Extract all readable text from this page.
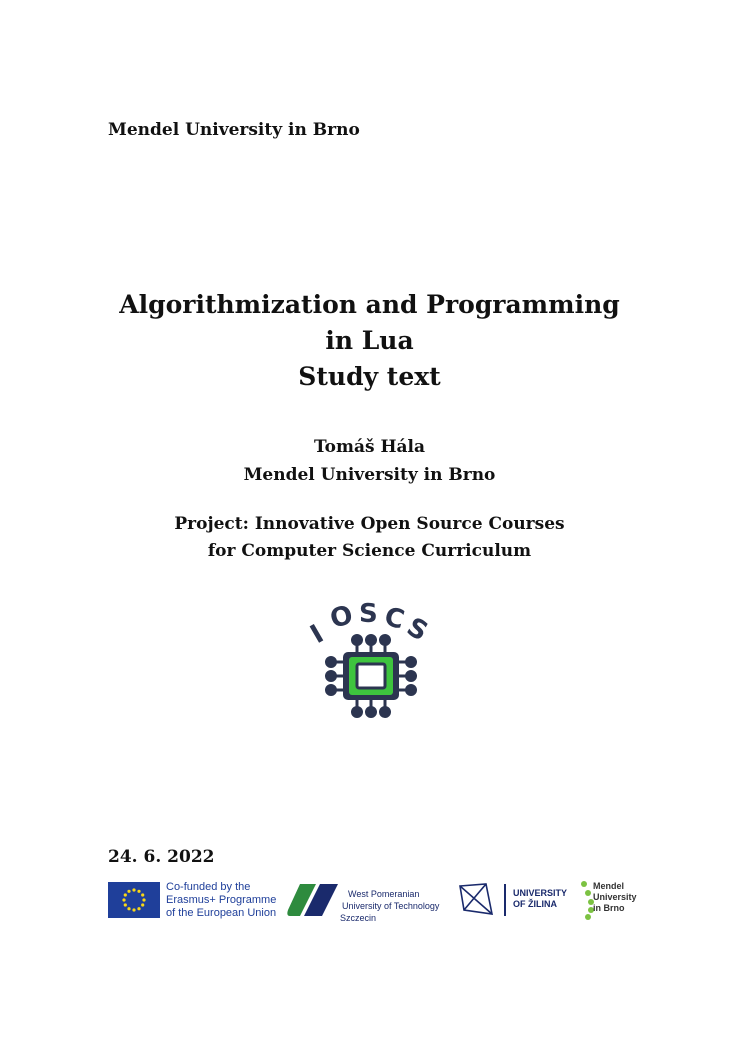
Mendel University in Brno
Algorithmization and Programming
in Lua
Study text
Tomáš Hála
Mendel University in Brno
Project: Innovative Open Source Courses
for Computer Science Curriculum
I
O S C
S
24. 6. 2022
Co-funded by the
Erasmus+ Programme
of the European Union
West Pomeranian
University of Technology
Szczecin
UNIVERSITY
OF ŽILINA
Mendel
University
in Brno
